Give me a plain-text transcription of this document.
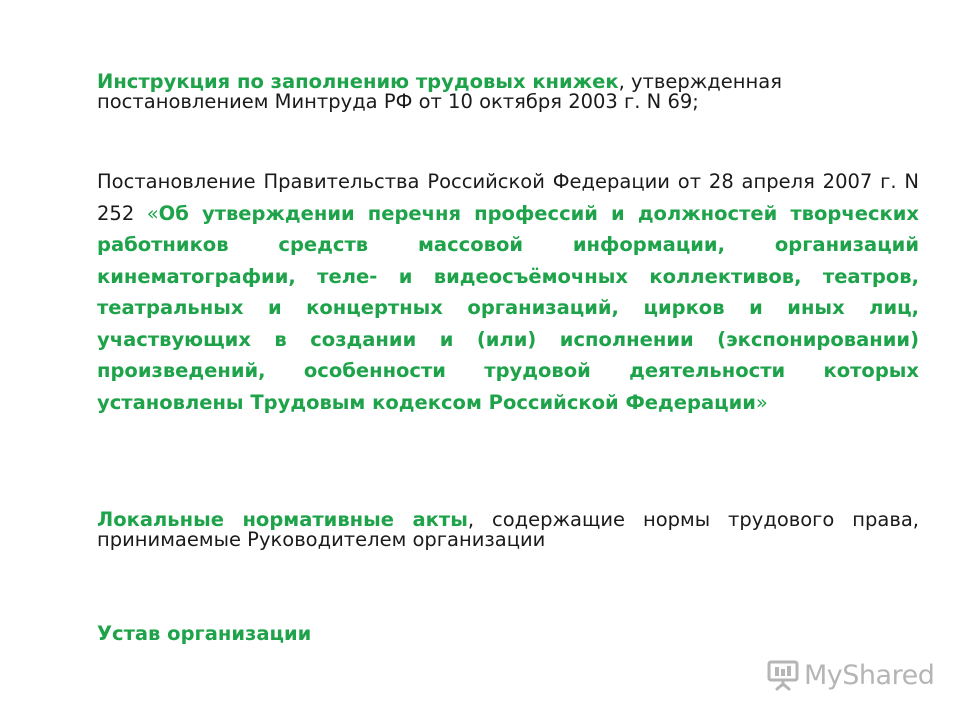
Инструкция по заполнению трудовых книжек, утвержденная постановлением Минтруда РФ от 10 октября 2003 г. N 69;
Постановление Правительства Российской Федерации от 28 апреля 2007 г. N 252 «Об утверждении перечня профессий и должностей творческих работников средств массовой информации, организаций кинематографии, теле- и видеосъёмочных коллективов, театров, театральных и концертных организаций, цирков и иных лиц, участвующих в создании и (или) исполнении (экспонировании) произведений, особенности трудовой деятельности которых установлены Трудовым кодексом Российской Федерации»
Локальные нормативные акты, содержащие нормы трудового права, принимаемые Руководителем организации
Устав организации
MyShared
